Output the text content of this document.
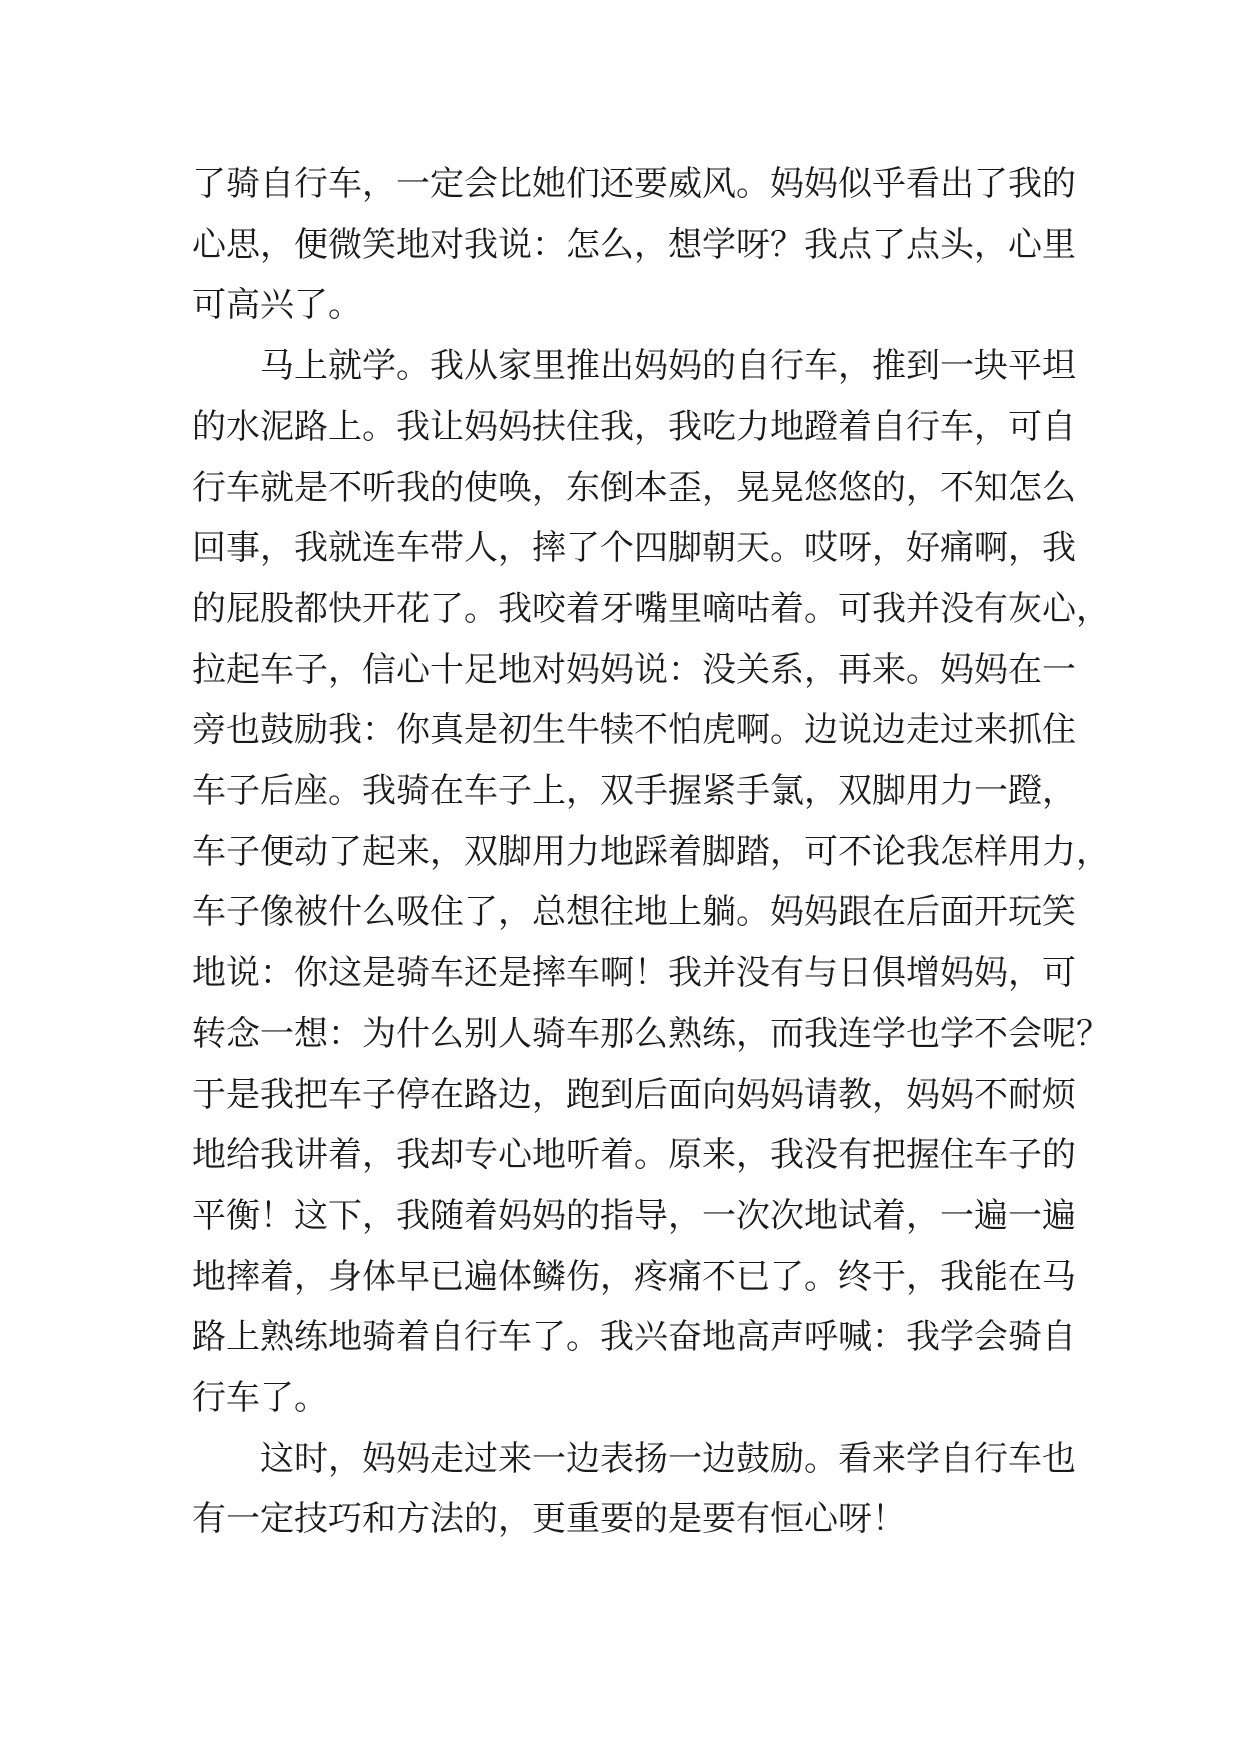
了骑自行车，一定会比她们还要威风。妈妈似乎看出了我的
心思，便微笑地对我说：怎么，想学呀？我点了点头，心里
可高兴了。
马上就学。我从家里推出妈妈的自行车，推到一块平坦
的水泥路上。我让妈妈扶住我，我吃力地蹬着自行车，可自
行车就是不听我的使唤，东倒本歪，晃晃悠悠的，不知怎么
回事，我就连车带人，摔了个四脚朝天。哎呀，好痛啊，我
的屁股都快开花了。我咬着牙嘴里嘀咕着。可我并没有灰心，
拉起车子，信心十足地对妈妈说：没关系，再来。妈妈在一
旁也鼓励我：你真是初生牛犊不怕虎啊。边说边走过来抓住
车子后座。我骑在车子上，双手握紧手氯，双脚用力一蹬，
车子便动了起来，双脚用力地踩着脚踏，可不论我怎样用力，
车子像被什么吸住了，总想往地上躺。妈妈跟在后面开玩笑
地说：你这是骑车还是摔车啊！我并没有与日俱增妈妈，可
转念一想：为什么别人骑车那么熟练，而我连学也学不会呢？
于是我把车子停在路边，跑到后面向妈妈请教，妈妈不耐烦
地给我讲着，我却专心地听着。原来，我没有把握住车子的
平衡！这下，我随着妈妈的指导，一次次地试着，一遍一遍
地摔着，身体早已遍体鳞伤，疼痛不已了。终于，我能在马
路上熟练地骑着自行车了。我兴奋地高声呼喊：我学会骑自
行车了。
这时，妈妈走过来一边表扬一边鼓励。看来学自行车也
有一定技巧和方法的，更重要的是要有恒心呀！
